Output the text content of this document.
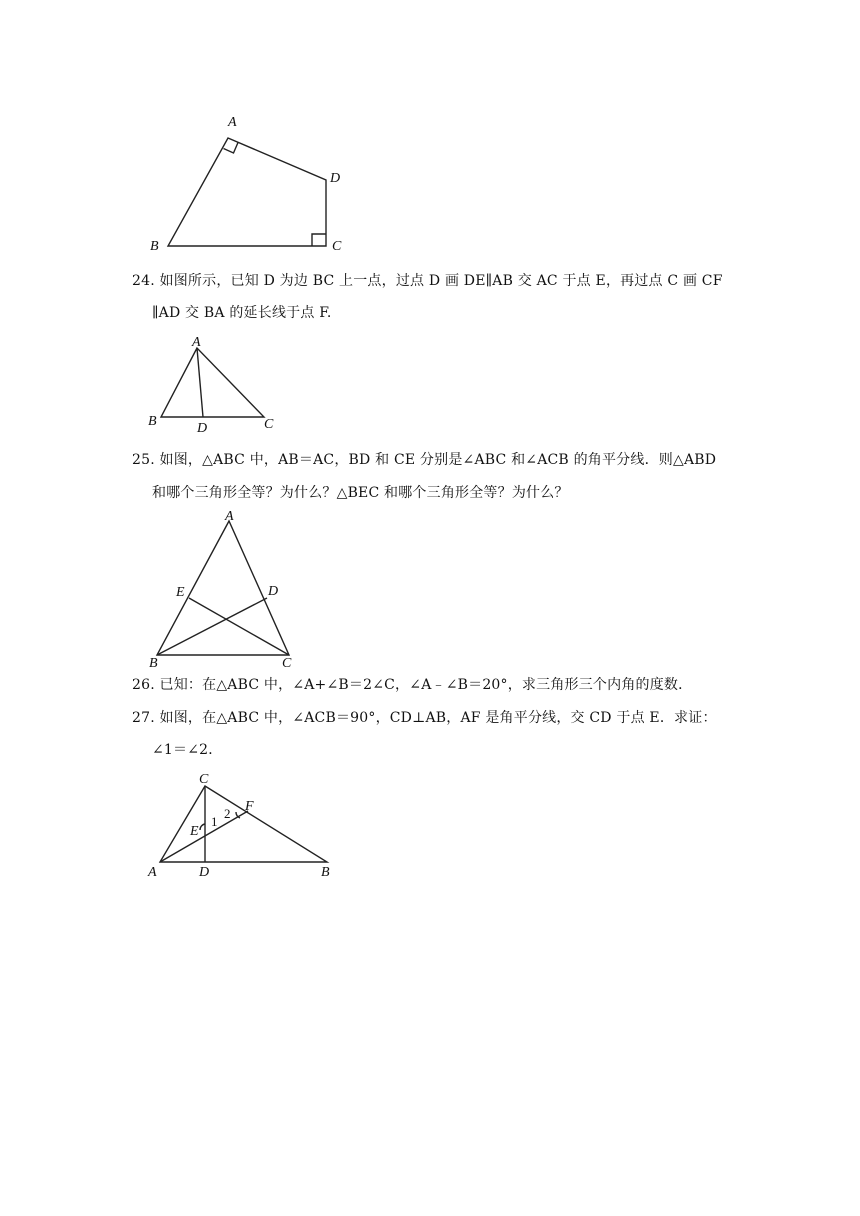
A
B	C
D
24. 如图所示，已知 D 为边 BC 上一点，过点 D 画 DE∥AB 交 AC 于点 E，再过点 C 画 CF
∥AD 交 BA 的延长线于点 F.
A
B	C
D
25. 如图，△ABC 中，AB＝AC，BD 和 CE 分别是∠ABC 和∠ACB 的角平分线．则△ABD
和哪个三角形全等？为什么？△BEC 和哪个三角形全等？为什么？
A
B	C
D
E
26. 已知：在△ABC 中，∠A+∠B＝2∠C，∠A﹣∠B＝20°，求三角形三个内角的度数．
27. 如图，在△ABC 中，∠ACB＝90°，CD⊥AB，AF 是角平分线，交 CD 于点 E．求证：
∠1＝∠2．
C
A	D	B
E
F
1
2
